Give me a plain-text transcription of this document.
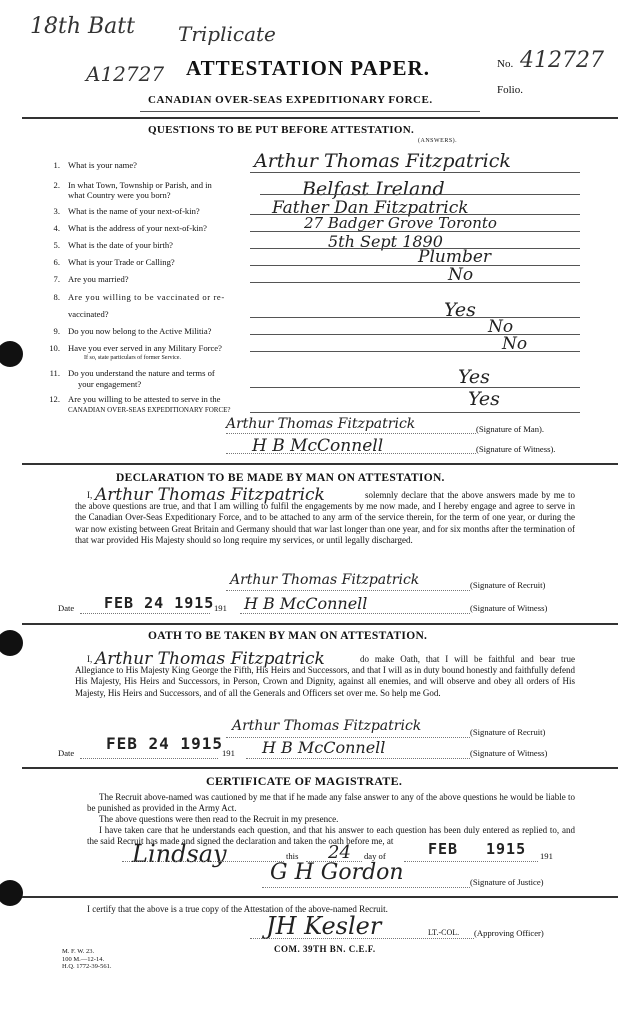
18th Batt Triplicate
A12727 ATTESTATION PAPER.
CANADIAN OVER-SEAS EXPEDITIONARY FORCE.
No. 412727
Folio.
QUESTIONS TO BE PUT BEFORE ATTESTATION.
(ANSWERS).
1. What is your name?	Arthur Thomas Fitzpatrick
2. In what Town, Township or Parish, and in
what Country were you born?	Belfast Ireland
3. What is the name of your next-of-kin?	Father Dan Fitzpatrick
4. What is the address of your next-of-kin?	27 Badger Grove Toronto
5. What is the date of your birth?	5th Sept 1890
6. What is your Trade or Calling?	Plumber
7. Are you married?	No
8. Are you willing to be vaccinated or re-
vaccinated?	Yes
9. Do you now belong to the Active Militia?	No
10. Have you ever served in any Military Force?
If so, state particulars of former Service.
No
11. Do you understand the nature and terms of
your engagement?	Yes
12. Are you willing to be attested to serve in the
CANADIAN OVER-SEAS EXPEDITIONARY FORCE?	Yes
Arthur Thomas Fitzpatrick	(Signature of Man).
H B McConnell	(Signature of Witness).
DECLARATION TO BE MADE BY MAN ON ATTESTATION.
I, Arthur Thomas Fitzpatrick	solemnly declare that the above answers made by me to the above questions are true, and that I am willing to fulfil the engagements by me now made, and I hereby engage and agree to serve in the Canadian Over-Seas Expeditionary Force, and to be attached to any arm of the service therein, for the term of one year, or during the war now existing between Great Britain and Germany should that war last longer than one year, and for six months after the termination of that war provided His Majesty should so long require my services, or until legally discharged.
Arthur Thomas Fitzpatrick	(Signature of Recruit)
Date FEB 24 1915 191 H B McConnell	(Signature of Witness)
OATH TO BE TAKEN BY MAN ON ATTESTATION.
I, Arthur Thomas Fitzpatrick	do make Oath, that I will be faithful and bear true Allegiance to His Majesty King George the Fifth, His Heirs and Successors, and that I will as in duty bound honestly and faithfully defend His Majesty, His Heirs and Successors, in Person, Crown and Dignity, against all enemies, and will observe and obey all orders of His Majesty, His Heirs and Successors, and of all the Generals and Officers set over me. So help me God.
Arthur Thomas Fitzpatrick	(Signature of Recruit)
Date FEB 24 1915 191 H B McConnell	(Signature of Witness)
CERTIFICATE OF MAGISTRATE.
The Recruit above-named was cautioned by me that if he made any false answer to any of the above questions he would be liable to be punished as provided in the Army Act.
The above questions were then read to the Recruit in my presence.
I have taken care that he understands each question, and that his answer to each question has been duly entered as replied to, and the said Recruit has made and signed the declaration and taken the oath before me, at
Lindsay	this 24 day of	FEB 1915 191
G H Gordon	(Signature of Justice)
I certify that the above is a true copy of the Attestation of the above-named Recruit.
JH Kesler	LT.-COL. (Approving Officer)
COM. 39TH BN. C.E.F.
M. F. W. 23.
100 M.—12-14.
H.Q. 1772-39-561.
